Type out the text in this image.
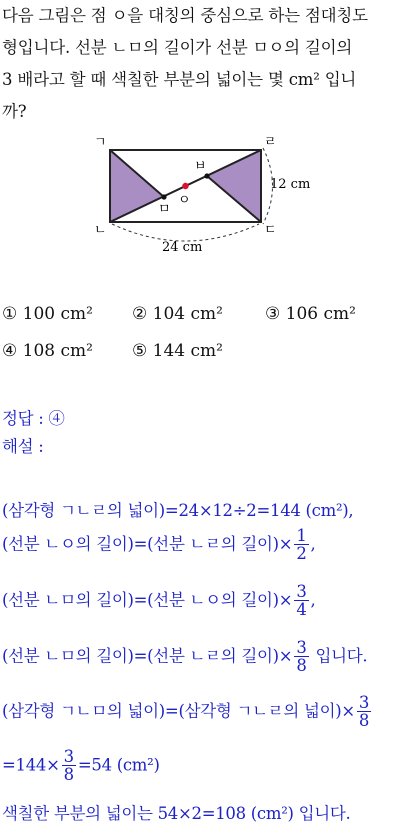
다음 그림은 점 ㅇ을 대칭의 중심으로 하는 점대칭도
형입니다. 선분 ㄴㅁ의 길이가 선분 ㅁㅇ의 길이의
3 배라고 할 때 색칠한 부분의 넓이는 몇 cm² 입니
까?
ㄱ	ㄹ
ㄴ	ㄷ
ㅂ
ㅁ
ㅇ
12 cm
24 cm
① 100 cm² ② 104 cm² ③ 106 cm²
④ 108 cm² ⑤ 144 cm²
정답 : ④
해설 :
(삼각형 ㄱㄴㄹ의 넓이)=24×12÷2=144 (cm²),
(선분 ㄴㅇ의 길이)=(선분 ㄴㄹ의 길이)× $\frac{1}{2}$ ,
(선분 ㄴㅁ의 길이)=(선분 ㄴㅇ의 길이)× $\frac{3}{4}$ ,
(선분 ㄴㅁ의 길이)=(선분 ㄴㄹ의 길이)× $\frac{3}{8}$ 입니다.
(삼각형 ㄱㄴㅁ의 넓이)=(삼각형 ㄱㄴㄹ의 넓이)× $\frac{3}{8}$
$=144\times \frac{3}{8} =54$ (cm²)
색칠한 부분의 넓이는 54×2=108 (cm²) 입니다.
